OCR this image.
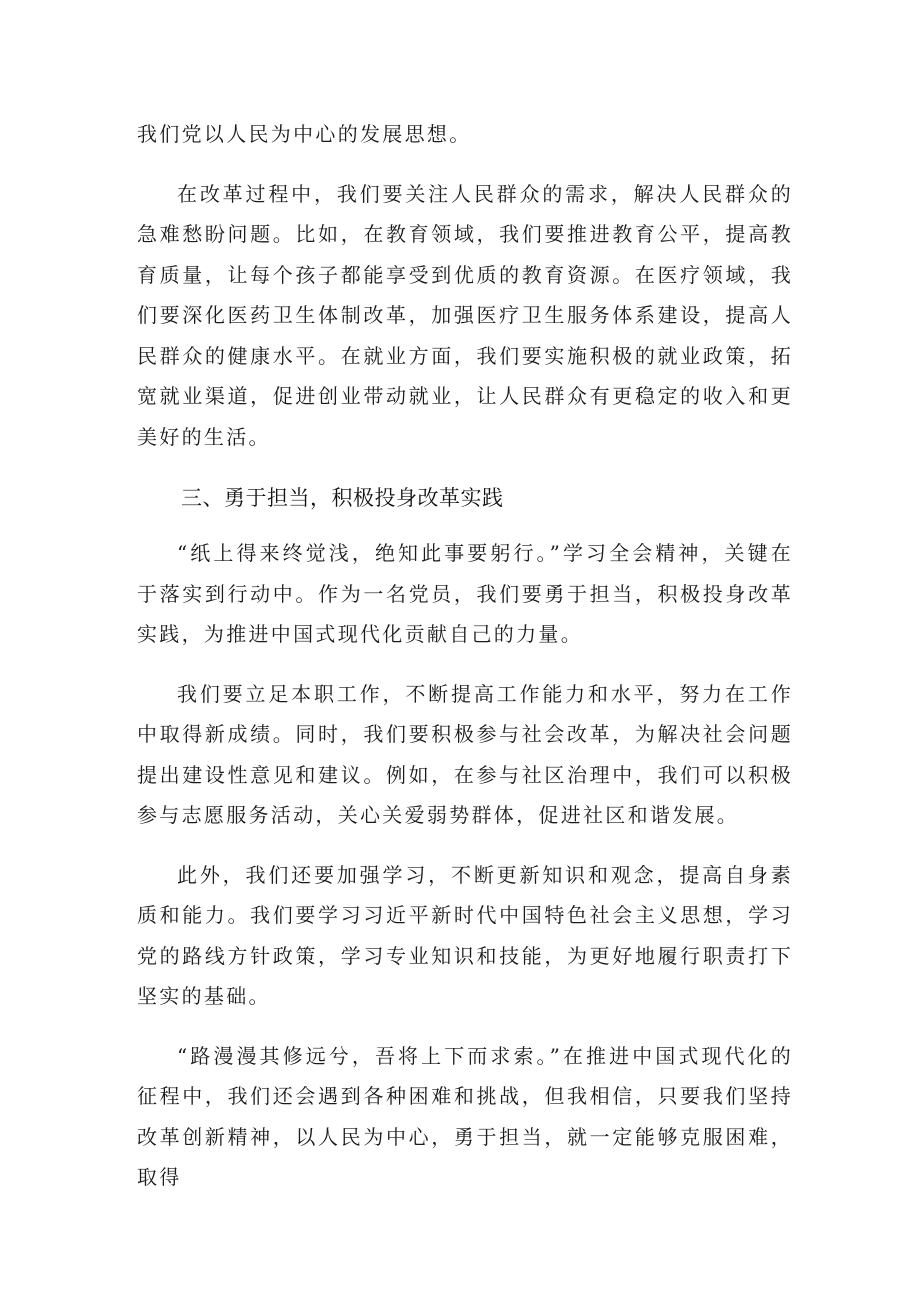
我们党以人民为中心的发展思想。

在改革过程中，我们要关注人民群众的需求，解决人民群众的急难愁盼问题。比如，在教育领域，我们要推进教育公平，提高教育质量，让每个孩子都能享受到优质的教育资源。在医疗领域，我们要深化医药卫生体制改革，加强医疗卫生服务体系建设，提高人民群众的健康水平。在就业方面，我们要实施积极的就业政策，拓宽就业渠道，促进创业带动就业，让人民群众有更稳定的收入和更美好的生活。

三、勇于担当，积极投身改革实践

“纸上得来终觉浅，绝知此事要躬行。”学习全会精神，关键在于落实到行动中。作为一名党员，我们要勇于担当，积极投身改革实践，为推进中国式现代化贡献自己的力量。

我们要立足本职工作，不断提高工作能力和水平，努力在工作中取得新成绩。同时，我们要积极参与社会改革，为解决社会问题提出建设性意见和建议。例如，在参与社区治理中，我们可以积极参与志愿服务活动，关心关爱弱势群体，促进社区和谐发展。

此外，我们还要加强学习，不断更新知识和观念，提高自身素质和能力。我们要学习习近平新时代中国特色社会主义思想，学习党的路线方针政策，学习专业知识和技能，为更好地履行职责打下坚实的基础。

“路漫漫其修远兮，吾将上下而求索。”在推进中国式现代化的征程中，我们还会遇到各种困难和挑战，但我相信，只要我们坚持改革创新精神，以人民为中心，勇于担当，就一定能够克服困难，取得
